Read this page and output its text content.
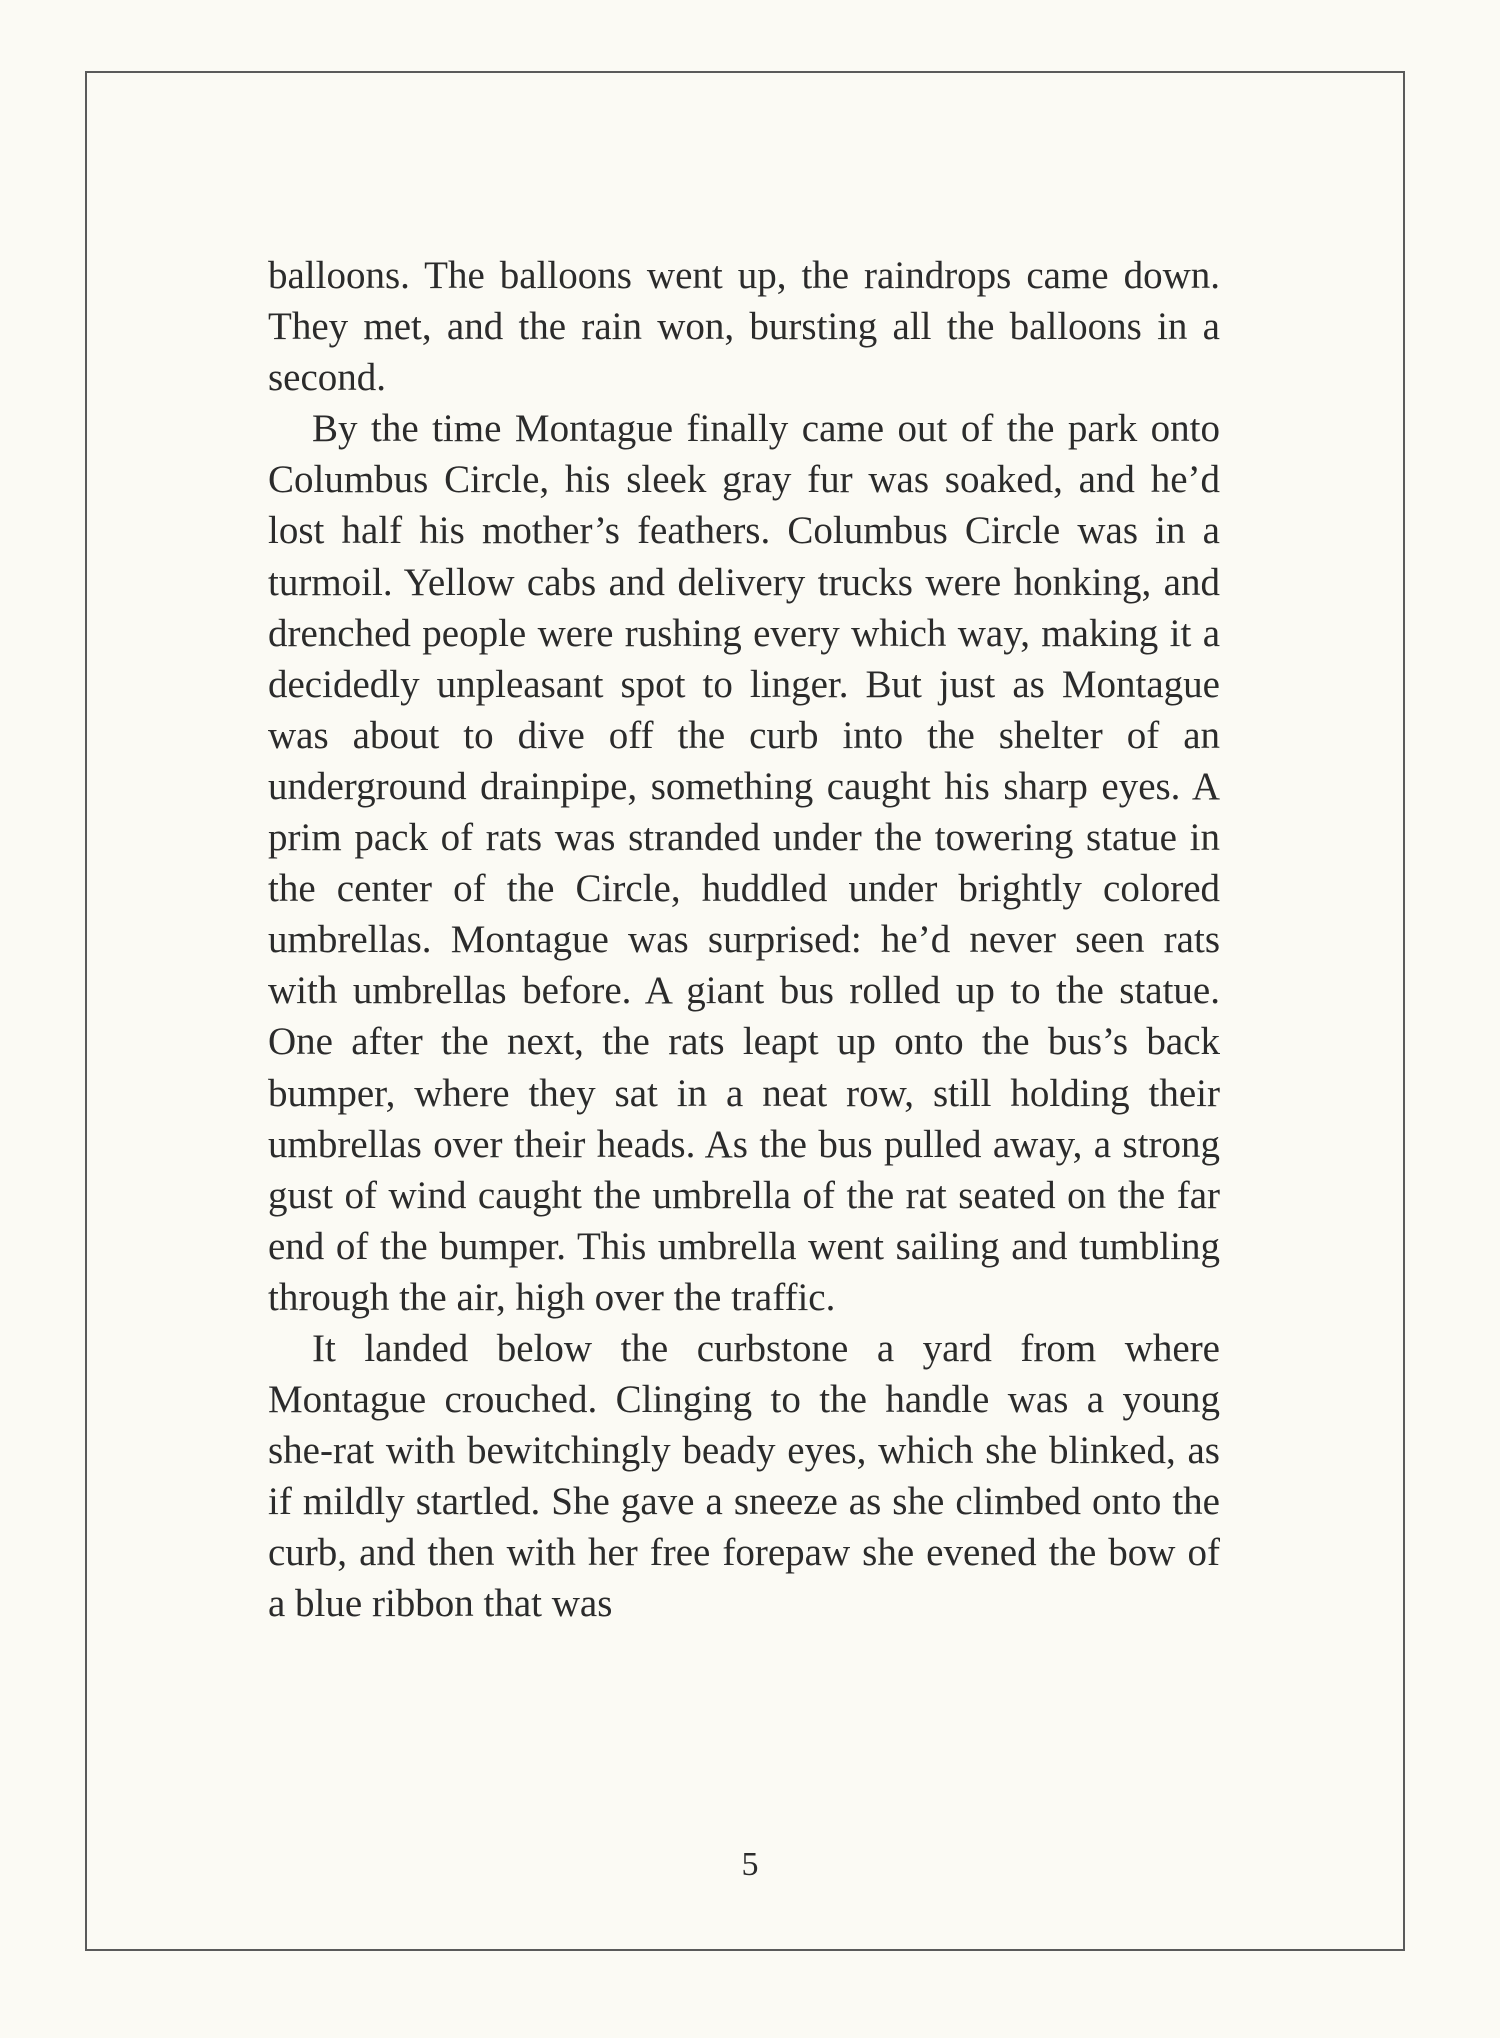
balloons. The balloons went up, the raindrops came down. They met, and the rain won, bursting all the balloons in a second.

By the time Montague finally came out of the park onto Columbus Circle, his sleek gray fur was soaked, and he’d lost half his mother’s feathers. Columbus Circle was in a turmoil. Yellow cabs and delivery trucks were honking, and drenched people were rushing every which way, making it a decidedly unpleasant spot to linger. But just as Montague was about to dive off the curb into the shelter of an underground drainpipe, something caught his sharp eyes. A prim pack of rats was stranded under the towering statue in the center of the Circle, huddled under brightly colored umbrellas. Montague was surprised: he’d never seen rats with umbrellas before. A giant bus rolled up to the statue. One after the next, the rats leapt up onto the bus’s back bumper, where they sat in a neat row, still holding their umbrellas over their heads. As the bus pulled away, a strong gust of wind caught the umbrella of the rat seated on the far end of the bumper. This umbrella went sailing and tumbling through the air, high over the traffic.

It landed below the curbstone a yard from where Montague crouched. Clinging to the handle was a young she-rat with bewitchingly beady eyes, which she blinked, as if mildly startled. She gave a sneeze as she climbed onto the curb, and then with her free forepaw she evened the bow of a blue ribbon that was

5
